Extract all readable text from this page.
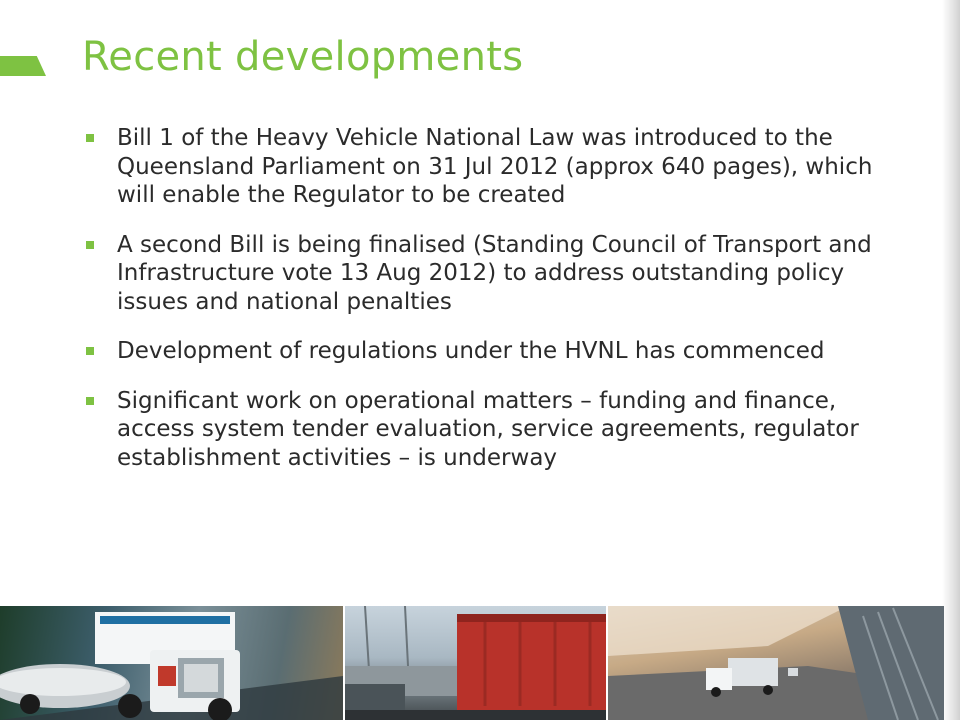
Recent developments
Bill 1 of the Heavy Vehicle National Law was introduced to the Queensland Parliament on 31 Jul 2012 (approx 640 pages), which will enable the Regulator to be created
A second Bill is being finalised (Standing Council of Transport and Infrastructure vote 13 Aug 2012) to address outstanding policy issues and national penalties
Development of regulations under the HVNL has commenced
Significant work on operational matters – funding and finance, access system tender evaluation, service agreements, regulator establishment activities – is underway
